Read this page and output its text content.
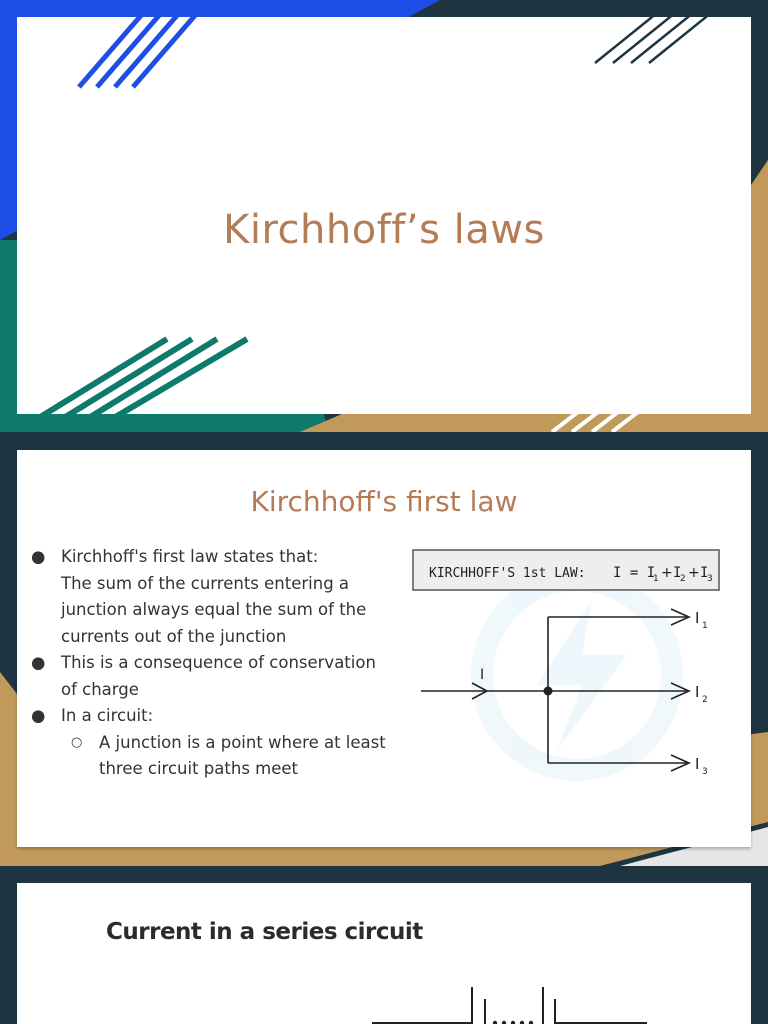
Kirchhoff’s laws
Kirchhoff's first law
● Kirchhoff's first law states that:
The sum of the currents entering a
junction always equal the sum of the
currents out of the junction
● This is a consequence of conservation
of charge
● In a circuit:
○	A junction is a point where at least
three circuit paths meet
KIRCHHOFF'S 1st LAW: I = I
1 + I
2 + I
3
I
I 1
I 2
I 3
Current in a series circuit
